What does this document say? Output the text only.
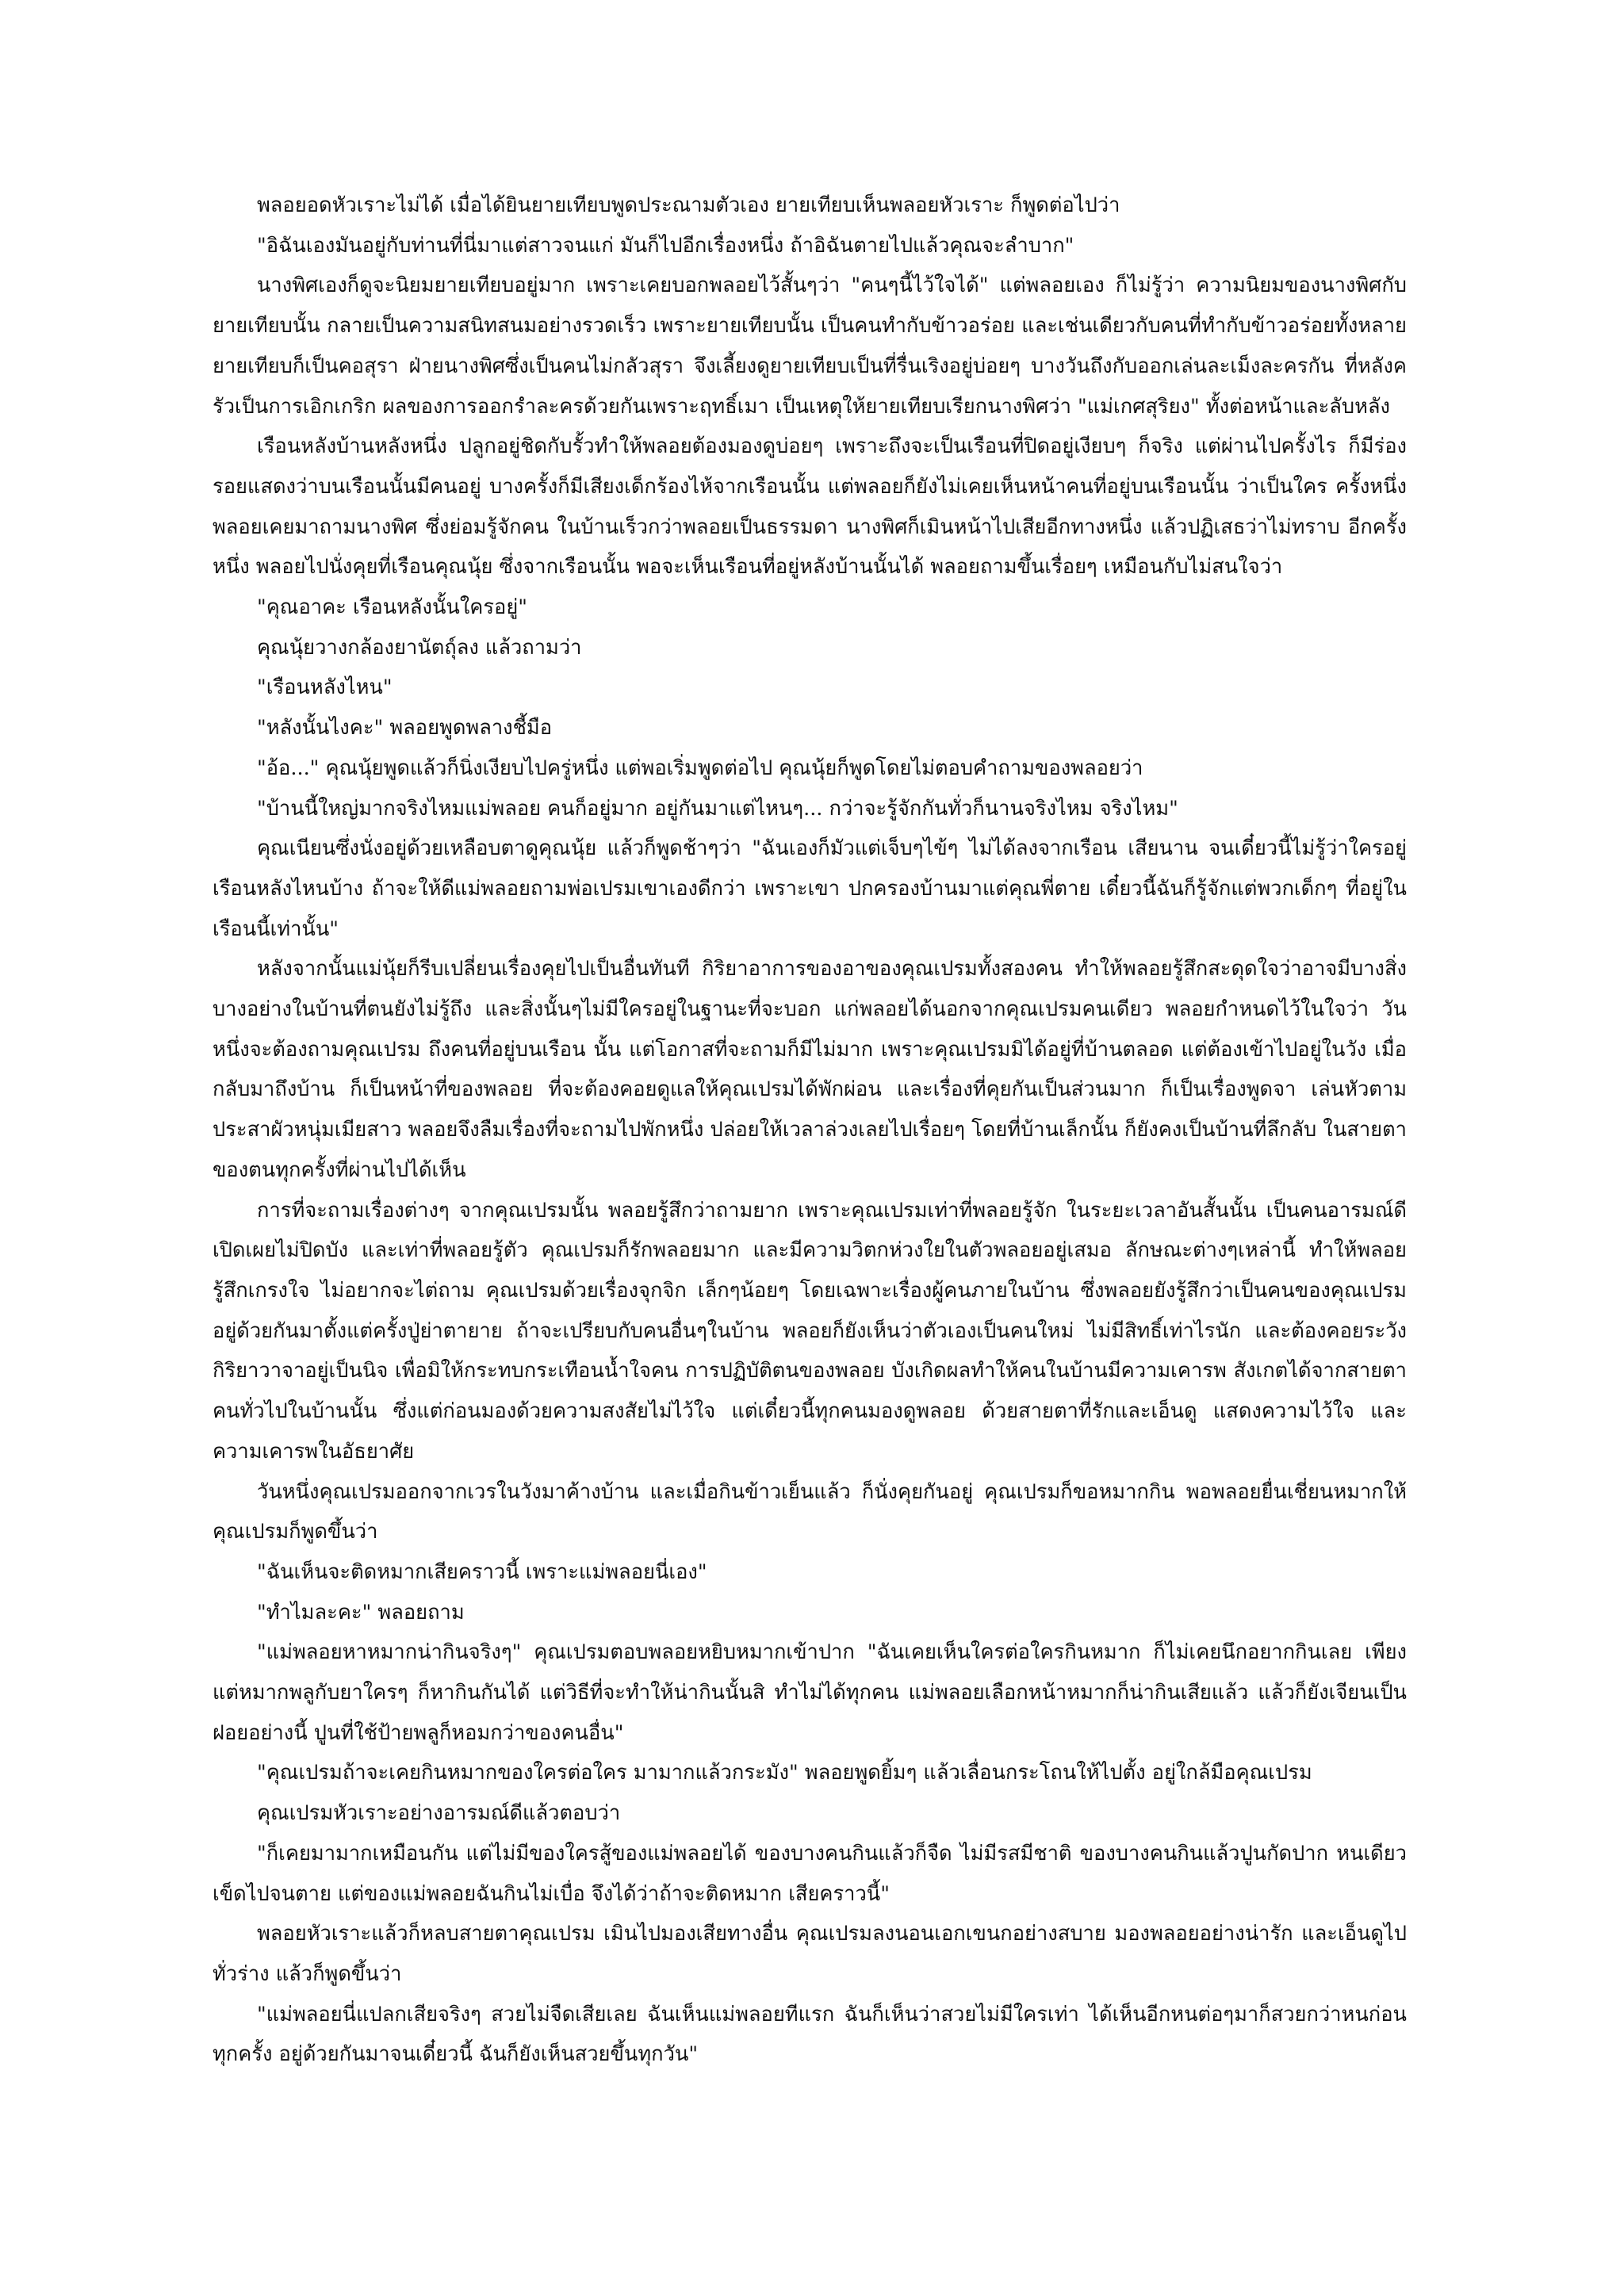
พลอยอดหัวเราะไม่ได้ เมื่อได้ยินยายเทียบพูดประณามตัวเอง ยายเทียบเห็นพลอยหัวเราะ ก็พูดต่อไปว่า

"อิฉันเองมันอยู่กับท่านที่นี่มาแต่สาวจนแก่ มันก็ไปอีกเรื่องหนึ่ง ถ้าอิฉันตายไปแล้วคุณจะลำบาก"

นางพิศเองก็ดูจะนิยมยายเทียบอยู่มาก เพราะเคยบอกพลอยไว้สั้นๆว่า "คนๆนี้ไว้ใจได้" แต่พลอยเอง ก็ไม่รู้ว่า ความนิยมของนางพิศกับยายเทียบนั้น กลายเป็นความสนิทสนมอย่างรวดเร็ว เพราะยายเทียบนั้น เป็นคนทำกับข้าวอร่อย และเช่นเดียวกับคนที่ทำกับข้าวอร่อยทั้งหลาย ยายเทียบก็เป็นคอสุรา ฝ่ายนางพิศซึ่งเป็นคนไม่กลัวสุรา จึงเลี้ยงดูยายเทียบเป็นที่รื่นเริงอยู่บ่อยๆ บางวันถึงกับออกเล่นละเม็งละครกัน ที่หลังครัวเป็นการเอิกเกริก ผลของการออกรำละครด้วยกันเพราะฤทธิ์เมา เป็นเหตุให้ยายเทียบเรียกนางพิศว่า "แม่เกศสุริยง" ทั้งต่อหน้าและลับหลัง

เรือนหลังบ้านหลังหนึ่ง ปลูกอยู่ชิดกับรั้วทำให้พลอยต้องมองดูบ่อยๆ เพราะถึงจะเป็นเรือนที่ปิดอยู่เงียบๆ ก็จริง แต่ผ่านไปครั้งไร ก็มีร่องรอยแสดงว่าบนเรือนนั้นมีคนอยู่ บางครั้งก็มีเสียงเด็กร้องไห้จากเรือนนั้น แต่พลอยก็ยังไม่เคยเห็นหน้าคนที่อยู่บนเรือนนั้น ว่าเป็นใคร ครั้งหนึ่งพลอยเคยมาถามนางพิศ ซึ่งย่อมรู้จักคน ในบ้านเร็วกว่าพลอยเป็นธรรมดา นางพิศก็เมินหน้าไปเสียอีกทางหนึ่ง แล้วปฏิเสธว่าไม่ทราบ อีกครั้งหนึ่ง พลอยไปนั่งคุยที่เรือนคุณนุ้ย ซึ่งจากเรือนนั้น พอจะเห็นเรือนที่อยู่หลังบ้านนั้นได้ พลอยถามขึ้นเรื่อยๆ เหมือนกับไม่สนใจว่า

"คุณอาคะ เรือนหลังนั้นใครอยู่"

คุณนุ้ยวางกล้องยานัตถุ์ลง แล้วถามว่า

"เรือนหลังไหน"

"หลังนั้นไงคะ" พลอยพูดพลางชี้มือ

"อ้อ..." คุณนุ้ยพูดแล้วก็นิ่งเงียบไปครู่หนึ่ง แต่พอเริ่มพูดต่อไป คุณนุ้ยก็พูดโดยไม่ตอบคำถามของพลอยว่า

"บ้านนี้ใหญ่มากจริงไหมแม่พลอย คนก็อยู่มาก อยู่กันมาแต่ไหนๆ... กว่าจะรู้จักกันทั่วก็นานจริงไหม จริงไหม"

คุณเนียนซึ่งนั่งอยู่ด้วยเหลือบตาดูคุณนุ้ย แล้วก็พูดช้าๆว่า "ฉันเองก็มัวแต่เจ็บๆไข้ๆ ไม่ได้ลงจากเรือน เสียนาน จนเดี๋ยวนี้ไม่รู้ว่าใครอยู่เรือนหลังไหนบ้าง ถ้าจะให้ดีแม่พลอยถามพ่อเปรมเขาเองดีกว่า เพราะเขา ปกครองบ้านมาแต่คุณพี่ตาย เดี๋ยวนี้ฉันก็รู้จักแต่พวกเด็กๆ ที่อยู่ในเรือนนี้เท่านั้น"

หลังจากนั้นแม่นุ้ยก็รีบเปลี่ยนเรื่องคุยไปเป็นอื่นทันที กิริยาอาการของอาของคุณเปรมทั้งสองคน ทำให้พลอยรู้สึกสะดุดใจว่าอาจมีบางสิ่งบางอย่างในบ้านที่ตนยังไม่รู้ถึง และสิ่งนั้นๆไม่มีใครอยู่ในฐานะที่จะบอก แก่พลอยได้นอกจากคุณเปรมคนเดียว พลอยกำหนดไว้ในใจว่า วันหนึ่งจะต้องถามคุณเปรม ถึงคนที่อยู่บนเรือน นั้น แต่โอกาสที่จะถามก็มีไม่มาก เพราะคุณเปรมมิได้อยู่ที่บ้านตลอด แต่ต้องเข้าไปอยู่ในวัง เมื่อกลับมาถึงบ้าน ก็เป็นหน้าที่ของพลอย ที่จะต้องคอยดูแลให้คุณเปรมได้พักผ่อน และเรื่องที่คุยกันเป็นส่วนมาก ก็เป็นเรื่องพูดจา เล่นหัวตามประสาผัวหนุ่มเมียสาว พลอยจึงลืมเรื่องที่จะถามไปพักหนึ่ง ปล่อยให้เวลาล่วงเลยไปเรื่อยๆ โดยที่บ้านเล็กนั้น ก็ยังคงเป็นบ้านที่ลึกลับ ในสายตาของตนทุกครั้งที่ผ่านไปได้เห็น

การที่จะถามเรื่องต่างๆ จากคุณเปรมนั้น พลอยรู้สึกว่าถามยาก เพราะคุณเปรมเท่าที่พลอยรู้จัก ในระยะเวลาอันสั้นนั้น เป็นคนอารมณ์ดี เปิดเผยไม่ปิดบัง และเท่าที่พลอยรู้ตัว คุณเปรมก็รักพลอยมาก และมีความวิตกห่วงใยในตัวพลอยอยู่เสมอ ลักษณะต่างๆเหล่านี้ ทำให้พลอยรู้สึกเกรงใจ ไม่อยากจะไต่ถาม คุณเปรมด้วยเรื่องจุกจิก เล็กๆน้อยๆ โดยเฉพาะเรื่องผู้คนภายในบ้าน ซึ่งพลอยยังรู้สึกว่าเป็นคนของคุณเปรม อยู่ด้วยกันมาตั้งแต่ครั้งปู่ย่าตายาย ถ้าจะเปรียบกับคนอื่นๆในบ้าน พลอยก็ยังเห็นว่าตัวเองเป็นคนใหม่ ไม่มีสิทธิ์เท่าไรนัก และต้องคอยระวังกิริยาวาจาอยู่เป็นนิจ เพื่อมิให้กระทบกระเทือนน้ำใจคน การปฏิบัติตนของพลอย บังเกิดผลทำให้คนในบ้านมีความเคารพ สังเกตได้จากสายตาคนทั่วไปในบ้านนั้น ซึ่งแต่ก่อนมองด้วยความสงสัยไม่ไว้ใจ แต่เดี๋ยวนี้ทุกคนมองดูพลอย ด้วยสายตาที่รักและเอ็นดู แสดงความไว้ใจ และความเคารพในอัธยาศัย

วันหนึ่งคุณเปรมออกจากเวรในวังมาค้างบ้าน และเมื่อกินข้าวเย็นแล้ว ก็นั่งคุยกันอยู่ คุณเปรมก็ขอหมากกิน พอพลอยยื่นเชี่ยนหมากให้ คุณเปรมก็พูดขึ้นว่า

"ฉันเห็นจะติดหมากเสียคราวนี้ เพราะแม่พลอยนี่เอง"

"ทำไมละคะ" พลอยถาม

"แม่พลอยหาหมากน่ากินจริงๆ" คุณเปรมตอบพลอยหยิบหมากเข้าปาก "ฉันเคยเห็นใครต่อใครกินหมาก ก็ไม่เคยนึกอยากกินเลย เพียงแต่หมากพลูกับยาใครๆ ก็หากินกันได้ แต่วิธีที่จะทำให้น่ากินนั้นสิ ทำไม่ได้ทุกคน แม่พลอยเลือกหน้าหมากก็น่ากินเสียแล้ว แล้วก็ยังเจียนเป็นฝอยอย่างนี้ ปูนที่ใช้ป้ายพลูก็หอมกว่าของคนอื่น"

"คุณเปรมถ้าจะเคยกินหมากของใครต่อใคร มามากแล้วกระมัง" พลอยพูดยิ้มๆ แล้วเลื่อนกระโถนให้ไปตั้ง อยู่ใกล้มือคุณเปรม

คุณเปรมหัวเราะอย่างอารมณ์ดีแล้วตอบว่า

"ก็เคยมามากเหมือนกัน แต่ไม่มีของใครสู้ของแม่พลอยได้ ของบางคนกินแล้วก็จืด ไม่มีรสมีชาติ ของบางคนกินแล้วปูนกัดปาก หนเดียวเข็ดไปจนตาย แต่ของแม่พลอยฉันกินไม่เบื่อ จึงได้ว่าถ้าจะติดหมาก เสียคราวนี้"

พลอยหัวเราะแล้วก็หลบสายตาคุณเปรม เมินไปมองเสียทางอื่น คุณเปรมลงนอนเอกเขนกอย่างสบาย มองพลอยอย่างน่ารัก และเอ็นดูไปทั่วร่าง แล้วก็พูดขึ้นว่า

"แม่พลอยนี่แปลกเสียจริงๆ สวยไม่จืดเสียเลย ฉันเห็นแม่พลอยทีแรก ฉันก็เห็นว่าสวยไม่มีใครเท่า ได้เห็นอีกหนต่อๆมาก็สวยกว่าหนก่อนทุกครั้ง อยู่ด้วยกันมาจนเดี๋ยวนี้ ฉันก็ยังเห็นสวยขึ้นทุกวัน"
